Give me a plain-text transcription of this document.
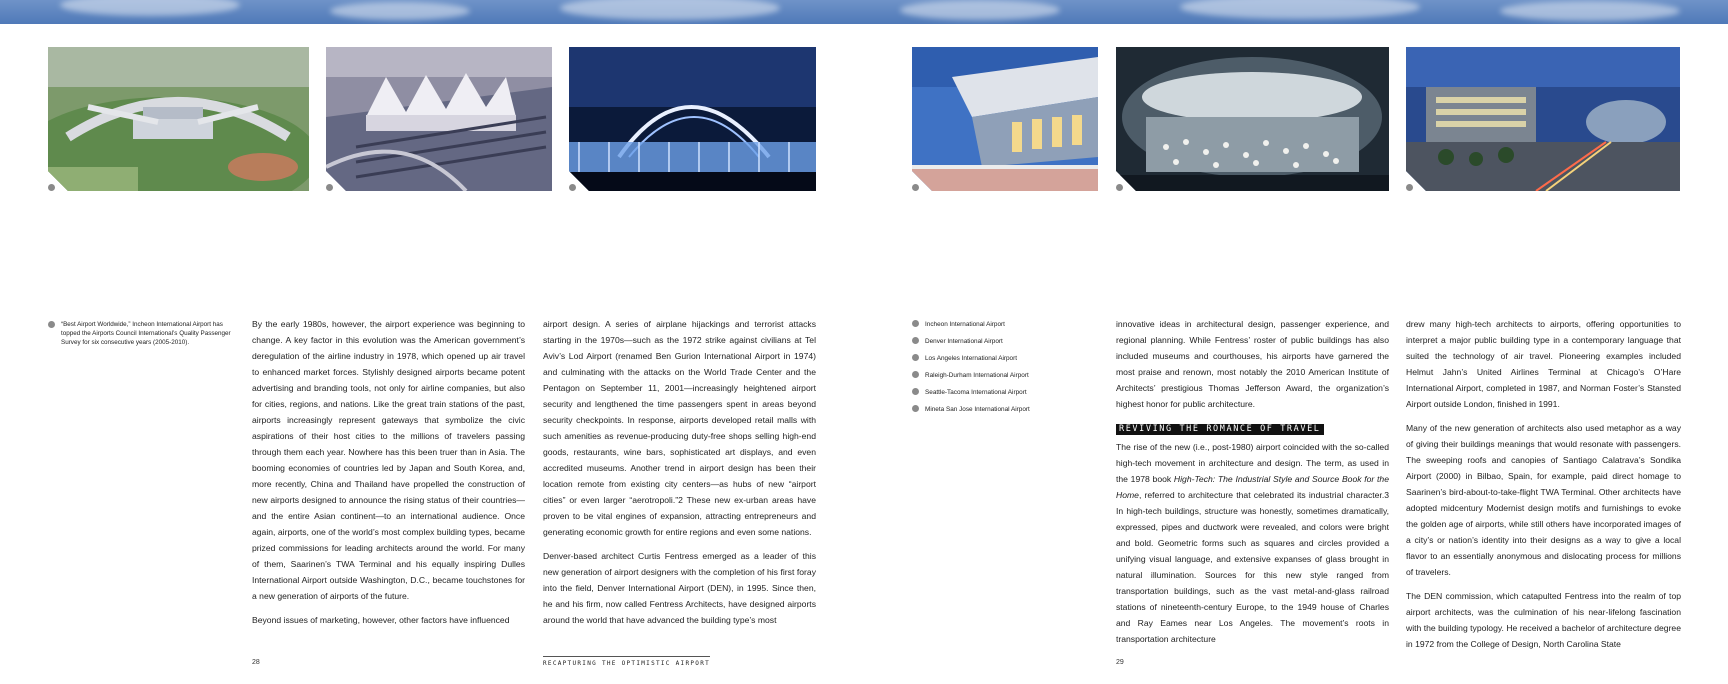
“Best Airport Worldwide,” Incheon International Airport has topped the Airports Council International’s Quality Passenger Survey for six consecutive years (2005-2010).

By the early 1980s, however, the airport experience was beginning to change. A key factor in this evolution was the American government’s deregulation of the airline industry in 1978, which opened up air travel to enhanced market forces. Stylishly designed airports became potent advertising and branding tools, not only for airline companies, but also for cities, regions, and nations. Like the great train stations of the past, airports increasingly represent gateways that symbolize the civic aspirations of their host cities to the millions of travelers passing through them each year. Nowhere has this been truer than in Asia. The booming economies of countries led by Japan and South Korea, and, more recently, China and Thailand have propelled the construction of new airports designed to announce the rising status of their countries—and the entire Asian continent—to an international audience. Once again, airports, one of the world’s most complex building types, became prized commissions for leading architects around the world. For many of them, Saarinen’s TWA Terminal and his equally inspiring Dulles International Airport outside Washington, D.C., became touchstones for a new generation of airports of the future.

Beyond issues of marketing, however, other factors have influenced

airport design. A series of airplane hijackings and terrorist attacks starting in the 1970s—such as the 1972 strike against civilians at Tel Aviv’s Lod Airport (renamed Ben Gurion International Airport in 1974) and culminating with the attacks on the World Trade Center and the Pentagon on September 11, 2001—increasingly heightened airport security and lengthened the time passengers spent in areas beyond security checkpoints. In response, airports developed retail malls with such amenities as revenue-producing duty-free shops selling high-end goods, restaurants, wine bars, sophisticated art displays, and even accredited museums. Another trend in airport design has been their location remote from existing city centers—as hubs of new “airport cities” or even larger “aerotropoli.”2 These new ex-urban areas have proven to be vital engines of expansion, attracting entrepreneurs and generating economic growth for entire regions and even some nations.

Denver-based architect Curtis Fentress emerged as a leader of this new generation of airport designers with the completion of his first foray into the field, Denver International Airport (DEN), in 1995. Since then, he and his firm, now called Fentress Architects, have designed airports around the world that have advanced the building type’s most

Incheon International Airport
Denver International Airport
Los Angeles International Airport
Raleigh-Durham International Airport
Seattle-Tacoma International Airport
Mineta San Jose International Airport

innovative ideas in architectural design, passenger experience, and regional planning. While Fentress’ roster of public buildings has also included museums and courthouses, his airports have garnered the most praise and renown, most notably the 2010 American Institute of Architects’ prestigious Thomas Jefferson Award, the organization’s highest honor for public architecture.

REVIVING THE ROMANCE OF TRAVEL

The rise of the new (i.e., post-1980) airport coincided with the so-called high-tech movement in architecture and design. The term, as used in the 1978 book High-Tech: The Industrial Style and Source Book for the Home, referred to architecture that celebrated its industrial character.3 In high-tech buildings, structure was honestly, sometimes dramatically, expressed, pipes and ductwork were revealed, and colors were bright and bold. Geometric forms such as squares and circles provided a unifying visual language, and extensive expanses of glass brought in natural illumination. Sources for this new style ranged from transportation buildings, such as the vast metal-and-glass railroad stations of nineteenth-century Europe, to the 1949 house of Charles and Ray Eames near Los Angeles. The movement’s roots in transportation architecture

drew many high-tech architects to airports, offering opportunities to interpret a major public building type in a contemporary language that suited the technology of air travel. Pioneering examples included Helmut Jahn’s United Airlines Terminal at Chicago’s O’Hare International Airport, completed in 1987, and Norman Foster’s Stansted Airport outside London, finished in 1991.

Many of the new generation of architects also used metaphor as a way of giving their buildings meanings that would resonate with passengers. The sweeping roofs and canopies of Santiago Calatrava’s Sondika Airport (2000) in Bilbao, Spain, for example, paid direct homage to Saarinen’s bird-about-to-take-flight TWA Terminal. Other architects have adopted midcentury Modernist design motifs and furnishings to evoke the golden age of airports, while still others have incorporated images of a city’s or nation’s identity into their designs as a way to give a local flavor to an essentially anonymous and dislocating process for millions of travelers.

The DEN commission, which catapulted Fentress into the realm of top airport architects, was the culmination of his near-lifelong fascination with the building typology. He received a bachelor of architecture degree in 1972 from the College of Design, North Carolina State

28	RECAPTURING THE OPTIMISTIC AIRPORT	29
